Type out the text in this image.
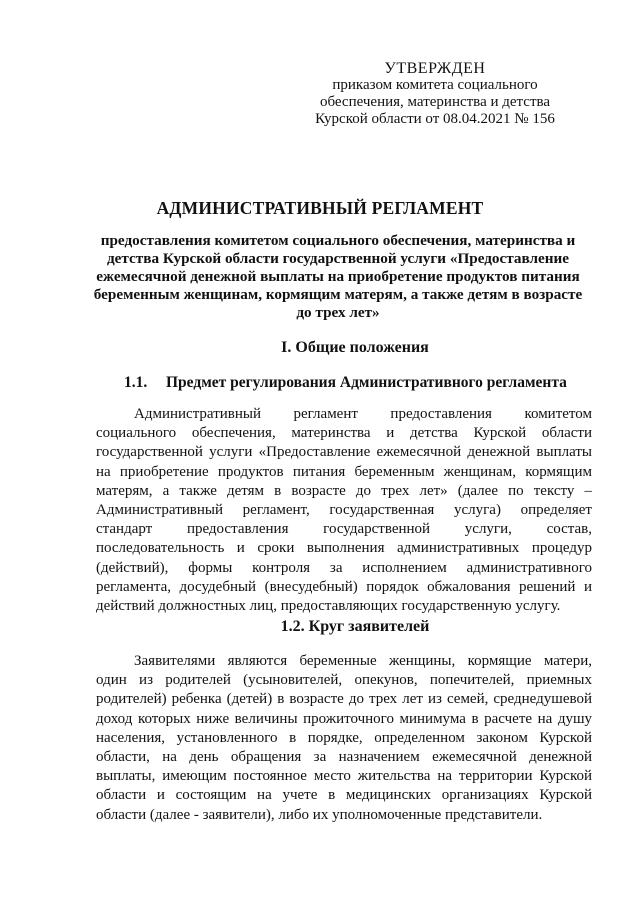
УТВЕРЖДЕН
приказом комитета социального
обеспечения, материнства и детства
Курской области от 08.04.2021 № 156
АДМИНИСТРАТИВНЫЙ РЕГЛАМЕНТ
предоставления комитетом социального обеспечения, материнства и
детства Курской области государственной услуги «Предоставление
ежемесячной денежной выплаты на приобретение продуктов питания
беременным женщинам, кормящим матерям, а также детям в возрасте
до трех лет»
I. Общие положения
1.1. Предмет регулирования Административного регламента
Административный регламент предоставления комитетом
социального обеспечения, материнства и детства Курской области
государственной услуги «Предоставление ежемесячной денежной выплаты
на приобретение продуктов питания беременным женщинам, кормящим
матерям, а также детям в возрасте до трех лет» (далее по тексту –
Административный регламент, государственная услуга) определяет
стандарт предоставления государственной услуги, состав,
последовательность и сроки выполнения административных процедур
(действий), формы контроля за исполнением административного
регламента, досудебный (внесудебный) порядок обжалования решений и
действий должностных лиц, предоставляющих государственную услугу.
1.2. Круг заявителей
Заявителями являются беременные женщины, кормящие матери,
один из родителей (усыновителей, опекунов, попечителей, приемных
родителей) ребенка (детей) в возрасте до трех лет из семей, среднедушевой
доход которых ниже величины прожиточного минимума в расчете на душу
населения, установленного в порядке, определенном законом Курской
области, на день обращения за назначением ежемесячной денежной
выплаты, имеющим постоянное место жительства на территории Курской
области и состоящим на учете в медицинских организациях Курской
области (далее - заявители), либо их уполномоченные представители.
